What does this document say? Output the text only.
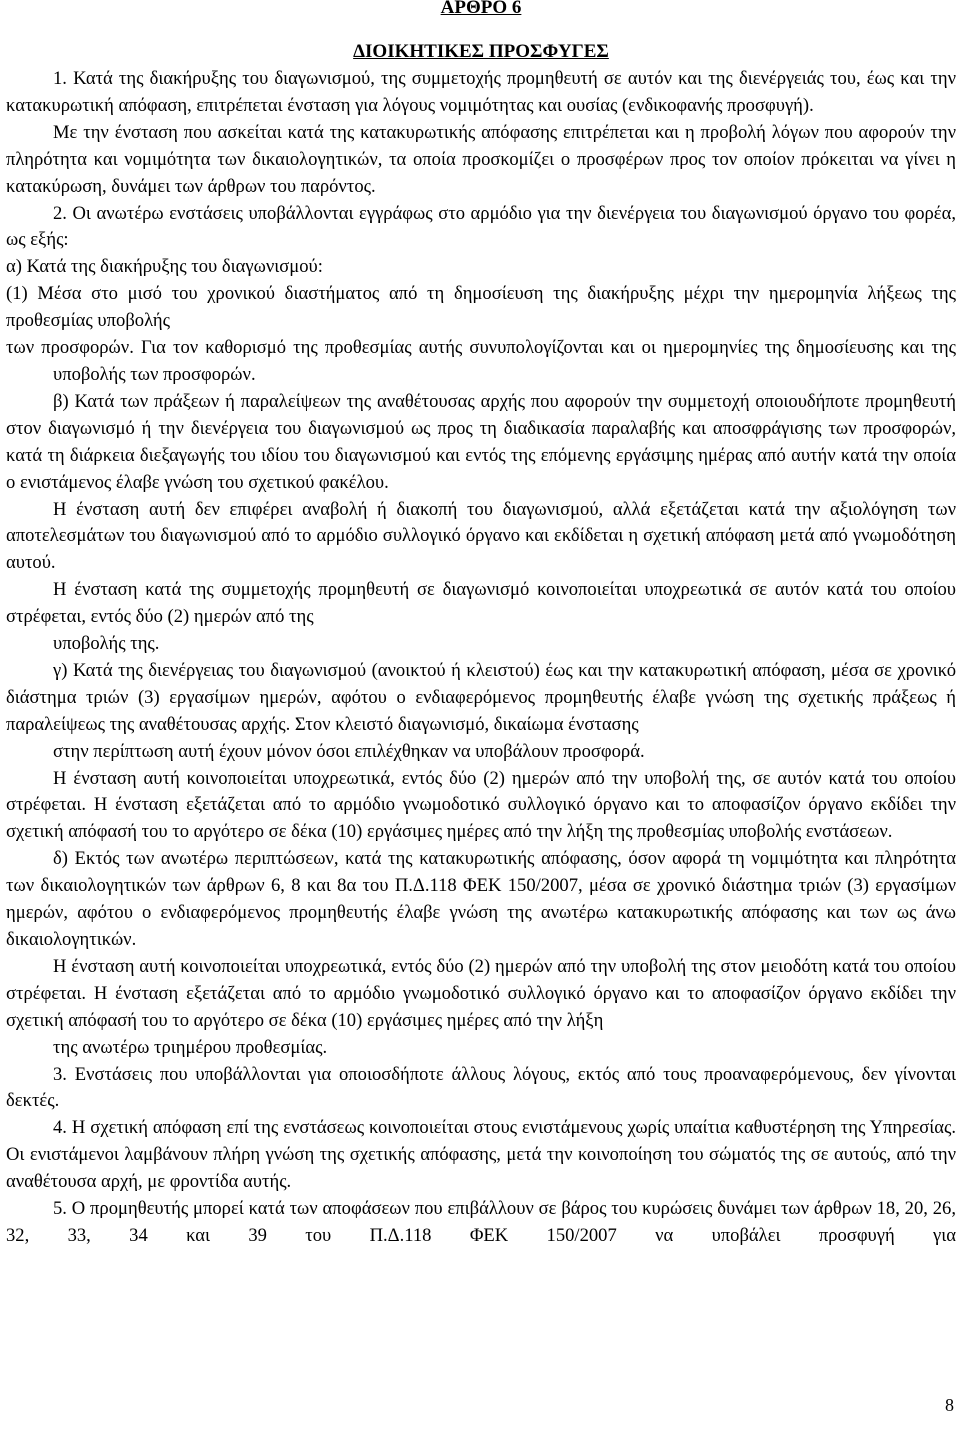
ΑΡΘΡΟ 6
ΔΙΟΙΚΗΤΙΚΕΣ ΠΡΟΣΦΥΓΕΣ

1. Κατά της διακήρυξης του διαγωνισμού, της συμμετοχής προμηθευτή σε αυτόν και της διενέργειάς του, έως και την κατακυρωτική απόφαση, επιτρέπεται ένσταση για λόγους νομιμότητας και ουσίας (ενδικοφανής προσφυγή).

Με την ένσταση που ασκείται κατά της κατακυρωτικής απόφασης επιτρέπεται και η προβολή λόγων που αφορούν την πληρότητα και νομιμότητα των δικαιολογητικών, τα οποία προσκομίζει ο προσφέρων προς τον οποίον πρόκειται να γίνει η κατακύρωση, δυνάμει των άρθρων του παρόντος.

2. Οι ανωτέρω ενστάσεις υποβάλλονται εγγράφως στο αρμόδιο για την διενέργεια του διαγωνισμού όργανο του φορέα, ως εξής:

α) Κατά της διακήρυξης του διαγωνισμού:

(1) Μέσα στο μισό του χρονικού διαστήματος από τη δημοσίευση της διακήρυξης μέχρι την ημερομηνία λήξεως της προθεσμίας υποβολής

των προσφορών. Για τον καθορισμό της προθεσμίας αυτής συνυπολογίζονται και οι ημερομηνίες της δημοσίευσης και της υποβολής των προσφορών.

β) Κατά των πράξεων ή παραλείψεων της αναθέτουσας αρχής που αφορούν την συμμετοχή οποιουδήποτε προμηθευτή στον διαγωνισμό ή την διενέργεια του διαγωνισμού ως προς τη διαδικασία παραλαβής και αποσφράγισης των προσφορών, κατά τη διάρκεια διεξαγωγής του ιδίου του διαγωνισμού και εντός της επόμενης εργάσιμης ημέρας από αυτήν κατά την οποία ο ενιστάμενος έλαβε γνώση του σχετικού φακέλου.

Η ένσταση αυτή δεν επιφέρει αναβολή ή διακοπή του διαγωνισμού, αλλά εξετάζεται κατά την αξιολόγηση των αποτελεσμάτων του διαγωνισμού από το αρμόδιο συλλογικό όργανο και εκδίδεται η σχετική απόφαση μετά από γνωμοδότηση αυτού.

Η ένσταση κατά της συμμετοχής προμηθευτή σε διαγωνισμό κοινοποιείται υποχρεωτικά σε αυτόν κατά του οποίου στρέφεται, εντός δύο (2) ημερών από της

υποβολής της.

γ) Κατά της διενέργειας του διαγωνισμού (ανοικτού ή κλειστού) έως και την κατακυρωτική απόφαση, μέσα σε χρονικό διάστημα τριών (3) εργασίμων ημερών, αφότου ο ενδιαφερόμενος προμηθευτής έλαβε γνώση της σχετικής πράξεως ή παραλείψεως της αναθέτουσας αρχής. Στον κλειστό διαγωνισμό, δικαίωμα ένστασης

στην περίπτωση αυτή έχουν μόνον όσοι επιλέχθηκαν να υποβάλουν προσφορά.

Η ένσταση αυτή κοινοποιείται υποχρεωτικά, εντός δύο (2) ημερών από την υποβολή της, σε αυτόν κατά του οποίου στρέφεται. Η ένσταση εξετάζεται από το αρμόδιο γνωμοδοτικό συλλογικό όργανο και το αποφασίζον όργανο εκδίδει την σχετική απόφασή του το αργότερο σε δέκα (10) εργάσιμες ημέρες από την λήξη της προθεσμίας υποβολής ενστάσεων.

δ) Εκτός των ανωτέρω περιπτώσεων, κατά της κατακυρωτικής απόφασης, όσον αφορά τη νομιμότητα και πληρότητα των δικαιολογητικών των άρθρων 6, 8 και 8α του Π.Δ.118 ΦΕΚ 150/2007, μέσα σε χρονικό διάστημα τριών (3) εργασίμων ημερών, αφότου ο ενδιαφερόμενος προμηθευτής έλαβε γνώση της ανωτέρω κατακυρωτικής απόφασης και των ως άνω δικαιολογητικών.

Η ένσταση αυτή κοινοποιείται υποχρεωτικά, εντός δύο (2) ημερών από την υποβολή της στον μειοδότη κατά του οποίου στρέφεται. Η ένσταση εξετάζεται από το αρμόδιο γνωμοδοτικό συλλογικό όργανο και το αποφασίζον όργανο εκδίδει την σχετική απόφασή του το αργότερο σε δέκα (10) εργάσιμες ημέρες από την λήξη

της ανωτέρω τριημέρου προθεσμίας.

3. Ενστάσεις που υποβάλλονται για οποιοσδήποτε άλλους λόγους, εκτός από τους προαναφερόμενους, δεν γίνονται δεκτές.

4. Η σχετική απόφαση επί της ενστάσεως κοινοποιείται στους ενιστάμενους χωρίς υπαίτια καθυστέρηση της Υπηρεσίας. Οι ενιστάμενοι λαμβάνουν πλήρη γνώση της σχετικής απόφασης, μετά την κοινοποίηση του σώματός της σε αυτούς, από την αναθέτουσα αρχή, με φροντίδα αυτής.

5. Ο προμηθευτής μπορεί κατά των αποφάσεων που επιβάλλουν σε βάρος του κυρώσεις δυνάμει των άρθρων 18, 20, 26, 32, 33, 34 και 39 του Π.Δ.118 ΦΕΚ 150/2007 να υποβάλει προσφυγή για

8
